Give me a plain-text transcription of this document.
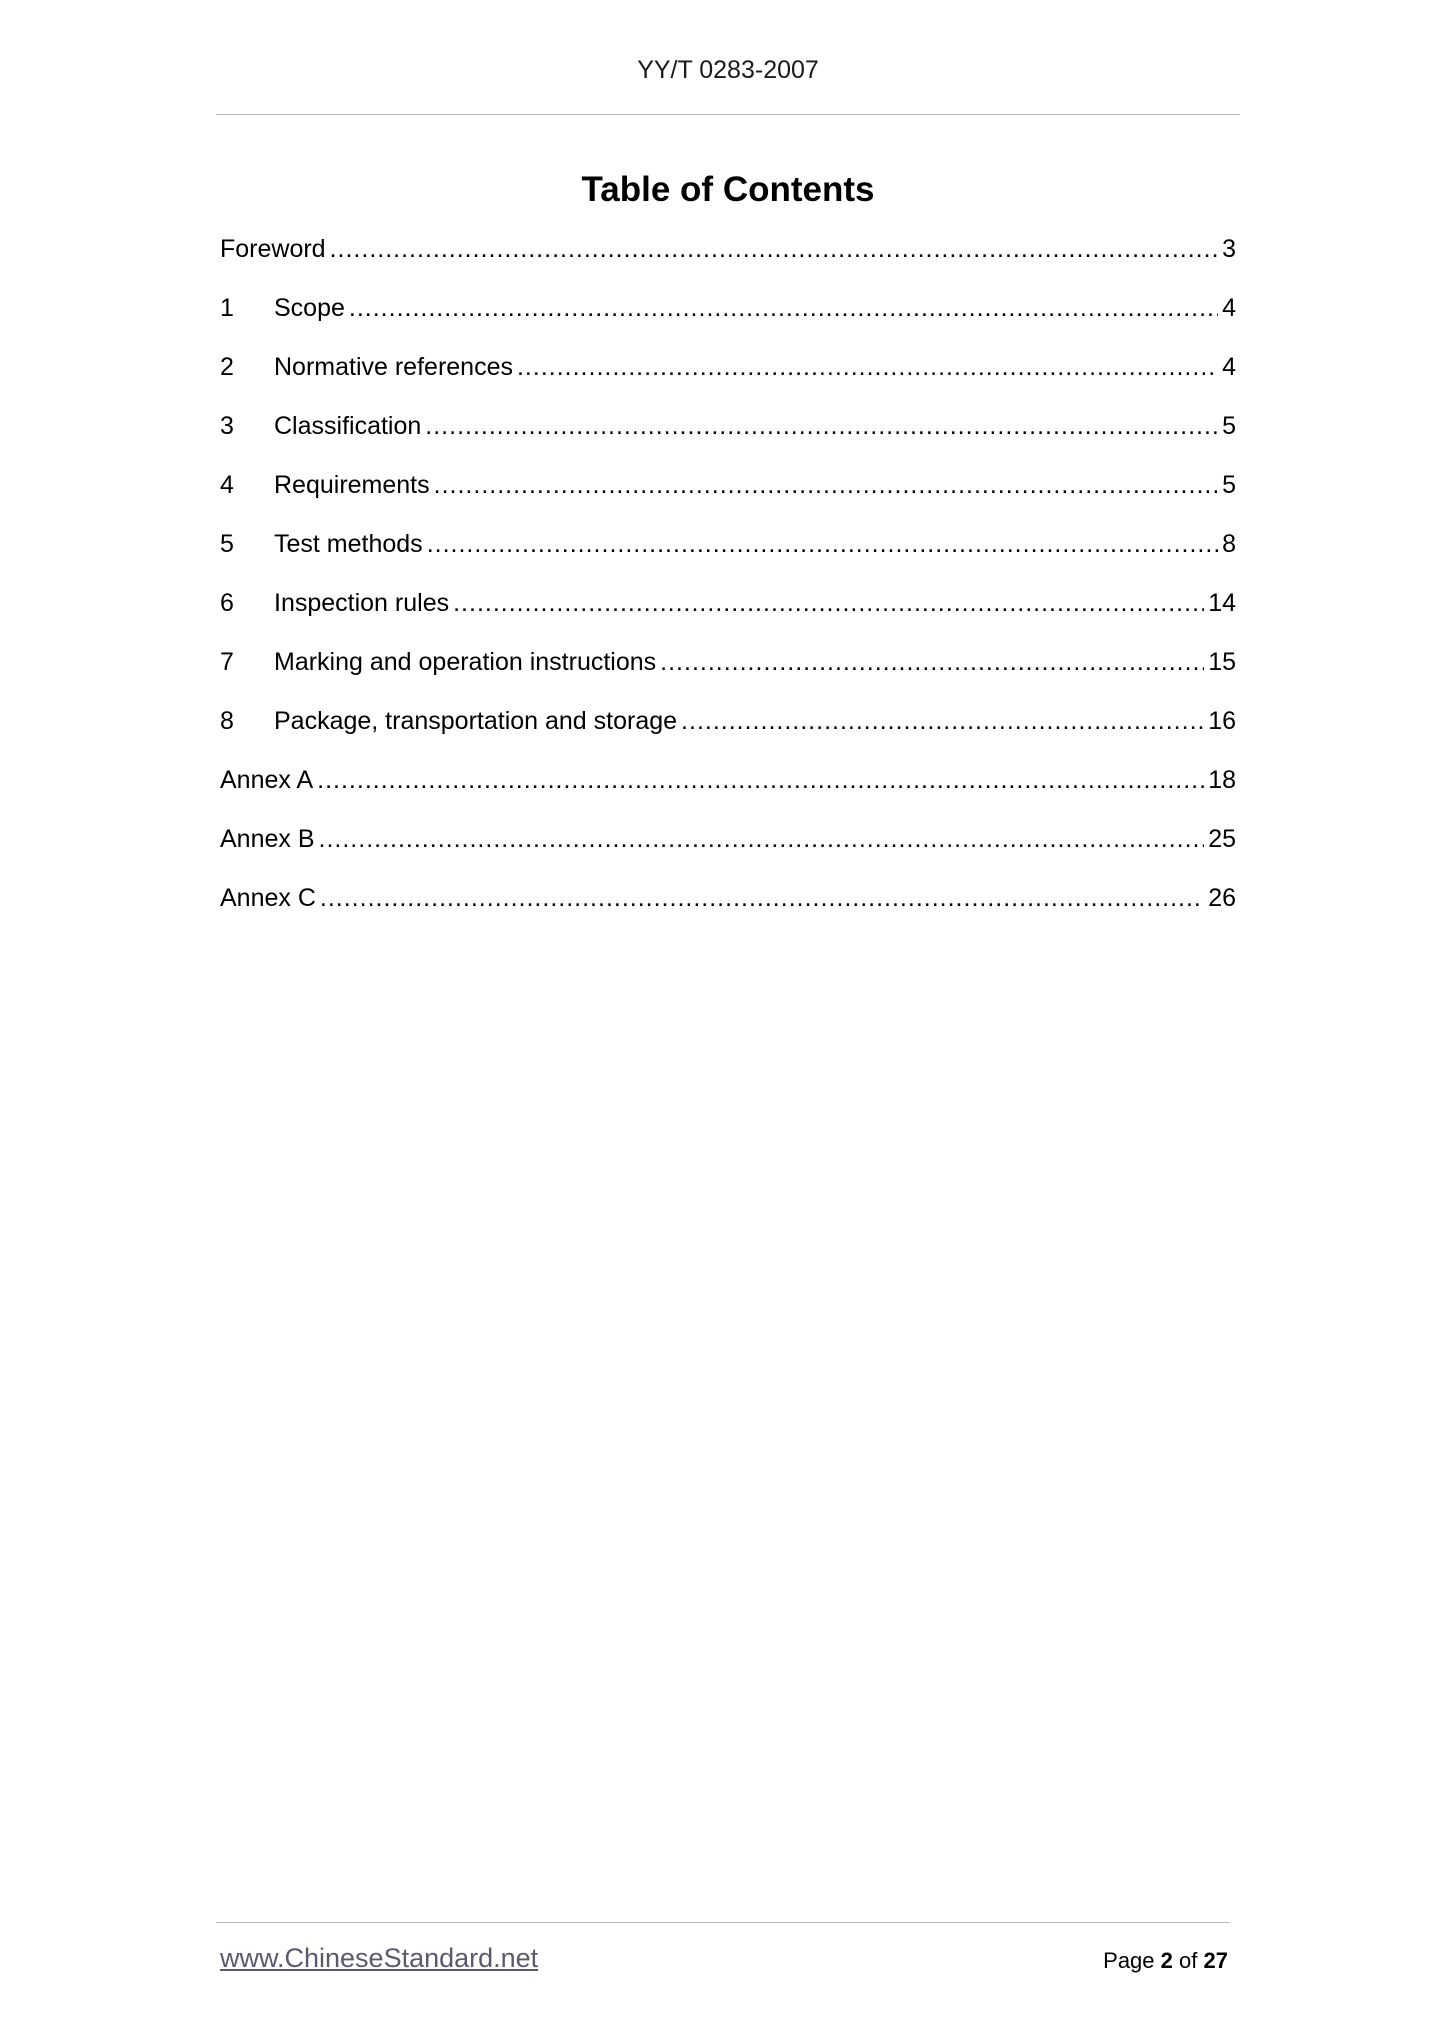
YY/T 0283-2007
Table of Contents
Foreword .....	3
1	Scope .....	4
2	Normative references .....	4
3	Classification .....	5
4	Requirements .....	5
5	Test methods .....	8
6	Inspection rules .....	14
7	Marking and operation instructions .....	15
8	Package, transportation and storage .....	16
Annex A .....	18
Annex B .....	25
Annex C .....	26
www.ChineseStandard.net	Page 2 of 27
